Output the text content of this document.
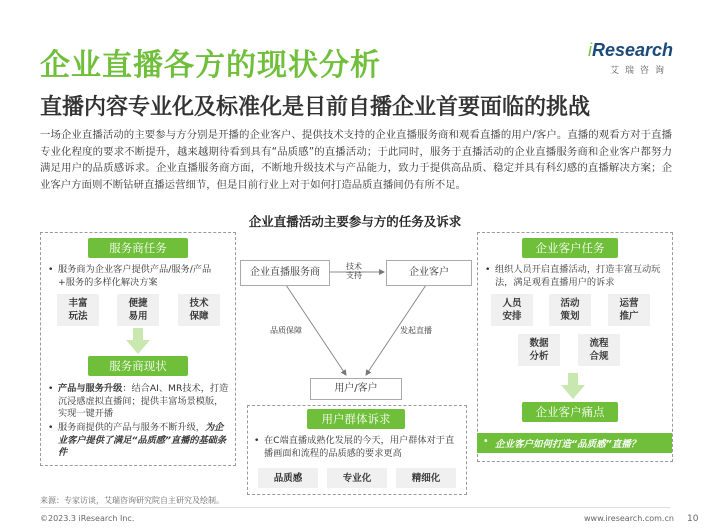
企业直播各方的现状分析
直播内容专业化及标准化是目前自播企业首要面临的挑战
iResearch
艾瑞咨询
一场企业直播活动的主要参与方分别是开播的企业客户、提供技术支持的企业直播服务商和观看直播的用户/客户。直播的观看方对于直播专业化程度的要求不断提升，越来越期待看到具有“品质感”的直播活动；于此同时，服务于直播活动的企业直播服务商和企业客户都努力满足用户的品质感诉求。企业直播服务商方面，不断地升级技术与产品能力，致力于提供高品质、稳定并具有科幻感的直播解决方案；企业客户方面则不断钻研直播运营细节，但是目前行业上对于如何打造品质直播间仍有所不足。
企业直播活动主要参与方的任务及诉求
服务商任务
• 服务商为企业客户提供产品/服务/产品+服务的多样化解决方案
丰富
玩法
便捷
易用
技术
保障
服务商现状
• 产品与服务升级：结合AI、MR技术，打造沉浸感虚拟直播间；提供丰富场景模版，实现一键开播
• 服务商提供的产品与服务不断升级，为企业客户提供了满足“品质感”直播的基础条件
企业直播服务商	企业客户
技术
支持
品质保障	发起直播
用户/客户
用户群体诉求
• 在C端直播成熟化发展的今天，用户群体对于直播画面和流程的品质感的要求更高
品质感	专业化	精细化
企业客户任务
• 组织人员开启直播活动，打造丰富互动玩法，满足观看直播用户的诉求
人员
安排
活动
策划
运营
推广
数据
分析
流程
合规
企业客户痛点
• 企业客户如何打造“品质感”直播？
来源：专家访谈，艾瑞咨询研究院自主研究及绘制。
©2023.3 iResearch Inc.	www.iresearch.com.cn 10
